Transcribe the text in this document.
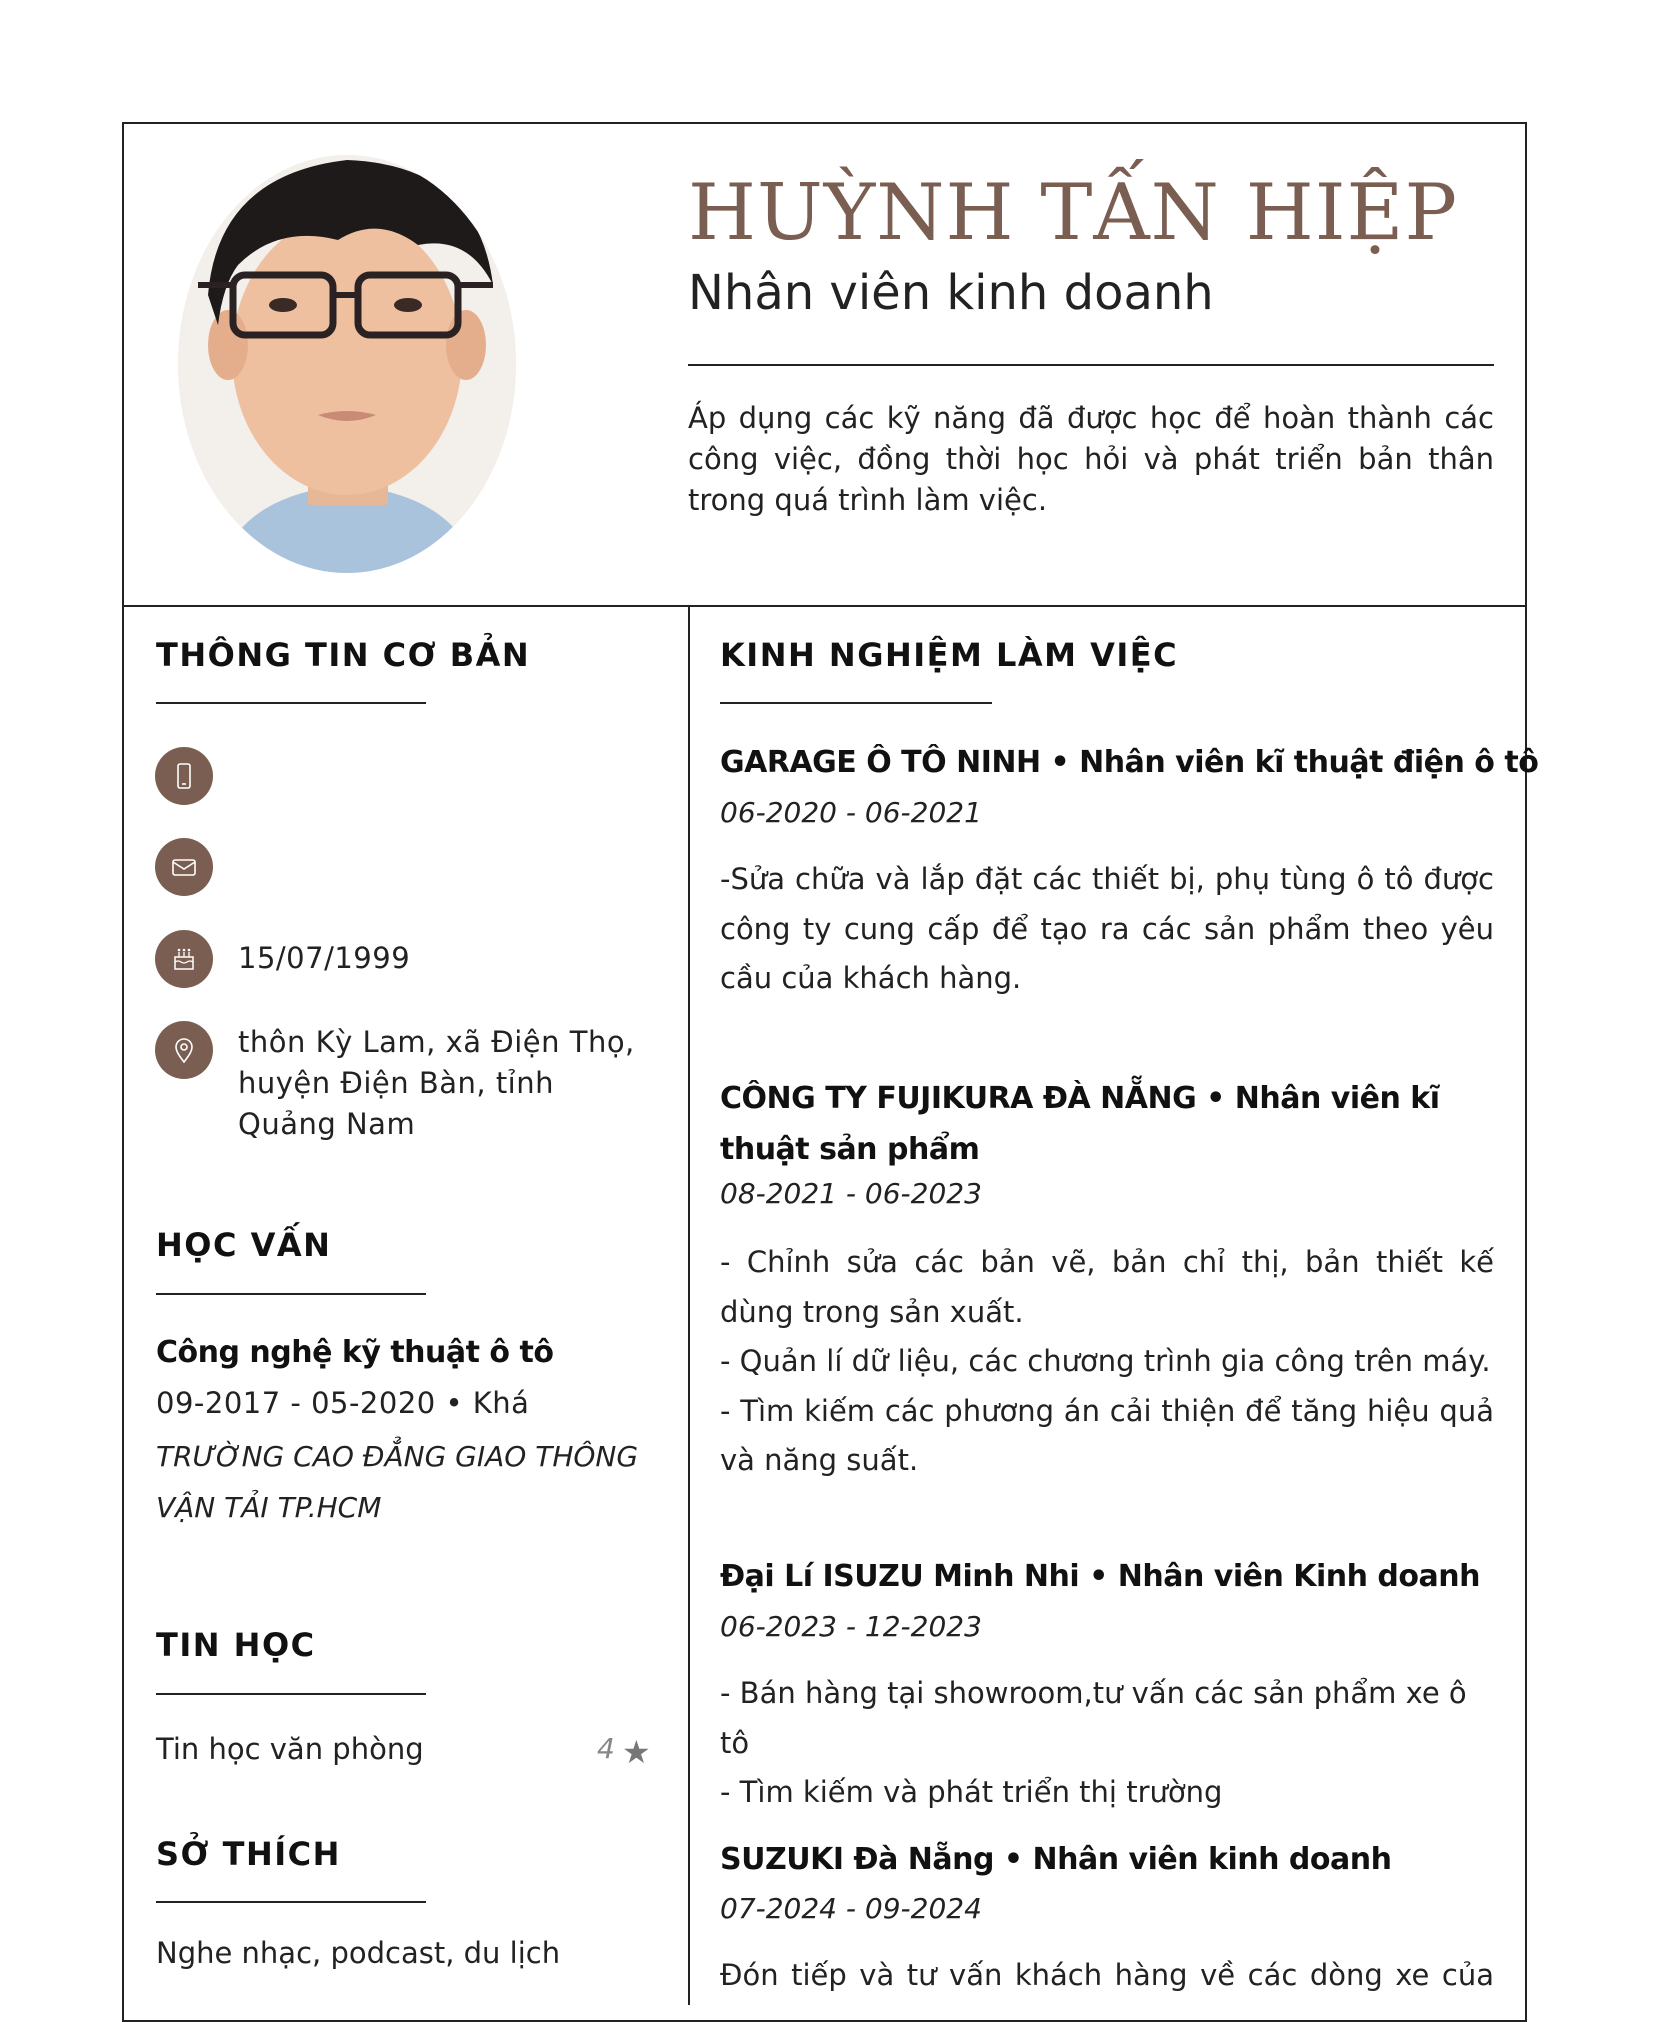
HUỲNH TẤN HIỆP
Nhân viên kinh doanh
Áp dụng các kỹ năng đã được học để hoàn thành các công việc, đồng thời học hỏi và phát triển bản thân trong quá trình làm việc.
THÔNG TIN CƠ BẢN
15/07/1999
thôn Kỳ Lam, xã Điện Thọ, huyện Điện Bàn, tỉnh Quảng Nam
HỌC VẤN
Công nghệ kỹ thuật ô tô
09-2017 - 05-2020 • Khá
TRƯỜNG CAO ĐẲNG GIAO THÔNG VẬN TẢI TP.HCM
TIN HỌC
Tin học văn phòng	4 ★
SỞ THÍCH
Nghe nhạc, podcast, du lịch
KINH NGHIỆM LÀM VIỆC
GARAGE Ô TÔ NINH • Nhân viên kĩ thuật điện ô tô
06-2020 - 06-2021
-Sửa chữa và lắp đặt các thiết bị, phụ tùng ô tô được công ty cung cấp để tạo ra các sản phẩm theo yêu cầu của khách hàng.
CÔNG TY FUJIKURA ĐÀ NẴNG • Nhân viên kĩ thuật sản phẩm
08-2021 - 06-2023
- Chỉnh sửa các bản vẽ, bản chỉ thị, bản thiết kế dùng trong sản xuất.
- Quản lí dữ liệu, các chương trình gia công trên máy.
- Tìm kiếm các phương án cải thiện để tăng hiệu quả và năng suất.
Đại Lí ISUZU Minh Nhi • Nhân viên Kinh doanh
06-2023 - 12-2023
- Bán hàng tại showroom,tư vấn các sản phẩm xe ô tô
- Tìm kiếm và phát triển thị trường
SUZUKI Đà Nẵng • Nhân viên kinh doanh
07-2024 - 09-2024
Đón tiếp và tư vấn khách hàng về các dòng xe của
